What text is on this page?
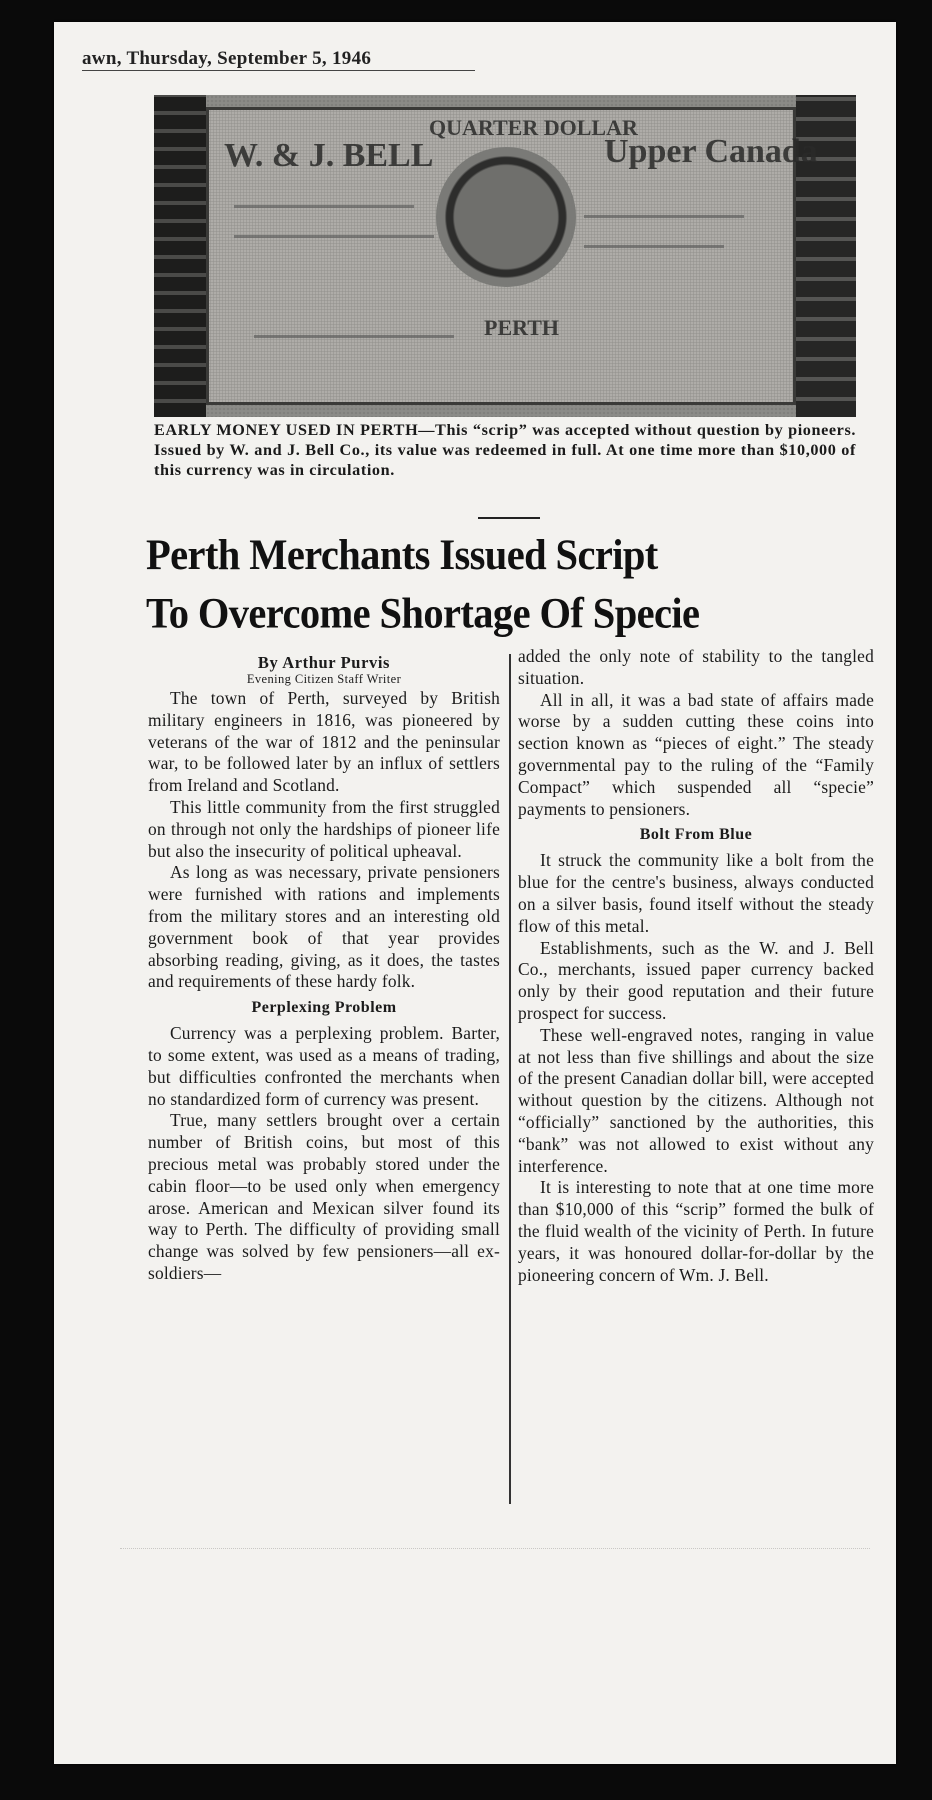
awn, Thursday, September 5, 1946
W. & J. BELL	Upper Canada
QUARTER DOLLAR
PERTH
EARLY MONEY USED IN PERTH—This “scrip” was accepted without question by pioneers. Issued by W. and J. Bell Co., its value was redeemed in full. At one time more than $10,000 of this currency was in circulation.
Perth Merchants Issued Script
To Overcome Shortage Of Specie
By Arthur Purvis
Evening Citizen Staff Writer

The town of Perth, surveyed by British military engineers in 1816, was pioneered by veterans of the war of 1812 and the peninsular war, to be followed later by an influx of settlers from Ireland and Scotland.

This little community from the first struggled on through not only the hardships of pioneer life but also the insecurity of political upheaval.

As long as was necessary, private pensioners were furnished with rations and implements from the military stores and an interesting old government book of that year provides absorbing reading, giving, as it does, the tastes and requirements of these hardy folk.

Perplexing Problem

Currency was a perplexing problem. Barter, to some extent, was used as a means of trading, but difficulties confronted the merchants when no standardized form of currency was present.

True, many settlers brought over a certain number of British coins, but most of this precious metal was probably stored under the cabin floor—to be used only when emergency arose. American and Mexican silver found its way to Perth. The difficulty of providing small change was solved by few pensioners—all ex-soldiers—

added the only note of stability to the tangled situation.

All in all, it was a bad state of affairs made worse by a sudden cutting these coins into section known as “pieces of eight.” The steady governmental pay to the ruling of the “Family Compact” which suspended all “specie” payments to pensioners.

Bolt From Blue

It struck the community like a bolt from the blue for the centre's business, always conducted on a silver basis, found itself without the steady flow of this metal.

Establishments, such as the W. and J. Bell Co., merchants, issued paper currency backed only by their good reputation and their future prospect for success.

These well-engraved notes, ranging in value at not less than five shillings and about the size of the present Canadian dollar bill, were accepted without question by the citizens. Although not “officially” sanctioned by the authorities, this “bank” was not allowed to exist without any interference.

It is interesting to note that at one time more than $10,000 of this “scrip” formed the bulk of the fluid wealth of the vicinity of Perth. In future years, it was honoured dollar-for-dollar by the pioneering concern of Wm. J. Bell.
